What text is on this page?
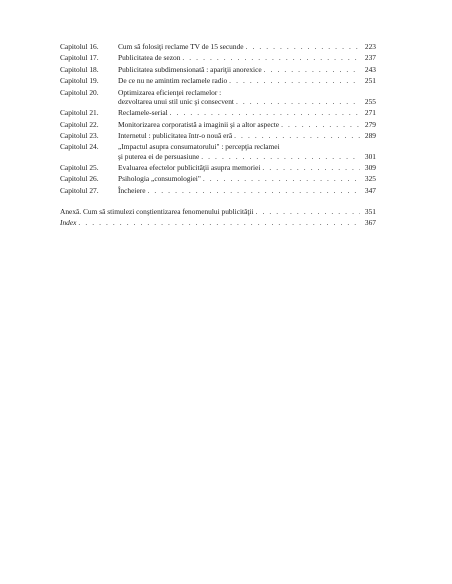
Capitolul 16.	Cum să folosiţi reclame TV de 15 secunde . . .	223
Capitolul 17.	Publicitatea de sezon . . .	237
Capitolul 18.	Publicitatea subdimensionată : apariţii anorexice . . .	243
Capitolul 19.	De ce nu ne amintim reclamele radio . . .	251
Capitolul 20.	Optimizarea eficienţei reclamelor :
dezvoltarea unui stil unic şi consecvent . . .	255
Capitolul 21.	Reclamele-serial . . .	271
Capitolul 22.	Monitorizarea corporatistă a imaginii şi a altor aspecte . . .	279
Capitolul 23.	Internetul : publicitatea într-o nouă eră . . .	289
Capitolul 24.	„Impactul asupra consumatorului" : percepţia reclamei
şi puterea ei de persuasiune . . .	301
Capitolul 25.	Evaluarea efectelor publicităţii asupra memoriei . . .	309
Capitolul 26.	Psihologia „consumologiei" . . .	325
Capitolul 27.	Încheiere . . .	347
Anexă. Cum să stimulezi conştientizarea fenomenului publicităţii . . .	351
Index . . .	367
